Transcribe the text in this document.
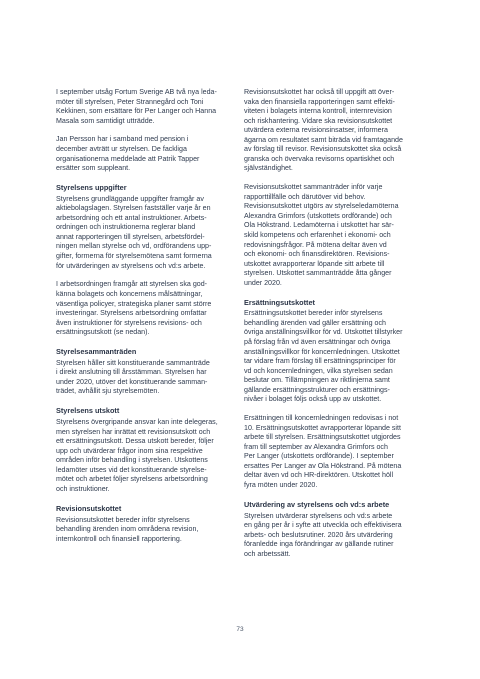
I september utsåg Fortum Sverige AB två nya leda-
möter till styrelsen, Peter Strannegård och Toni
Kekkinen, som ersättare för Per Langer och Hanna
Masala som samtidigt utträdde.

Jan Persson har i samband med pension i
december avträtt ur styrelsen. De fackliga
organisationerna meddelade att Patrik Tapper
ersätter som suppleant.

Styrelsens uppgifter

Styrelsens grundläggande uppgifter framgår av
aktiebolagslagen. Styrelsen fastställer varje år en
arbetsordning och ett antal instruktioner. Arbets-
ordningen och instruktionerna reglerar bland
annat rapporteringen till styrelsen, arbetsfördel-
ningen mellan styrelse och vd, ordförandens upp-
gifter, formerna för styrelsemötena samt formerna
för utvärderingen av styrelsens och vd:s arbete.

I arbetsordningen framgår att styrelsen ska god-
känna bolagets och koncernens målsättningar,
väsentliga policyer, strategiska planer samt större
investeringar. Styrelsens arbetsordning omfattar
ăven instruktioner för styrelsens revisions- och
ersättningsutskott (se nedan).

Styrelsesammanträden

Styrelsen håller sitt konstituerande sammanträde
i direkt anslutning till årsstämman. Styrelsen har
under 2020, utöver det konstituerande samman-
trädet, avhållit sju styrelsemöten.

Styrelsens utskott

Styrelsens övergripande ansvar kan inte delegeras,
men styrelsen har inrättat ett revisionsutskott och
ett ersättningsutskott. Dessa utskott bereder, följer
upp och utvärderar frågor inom sina respektive
områden inför behandling i styrelsen. Utskottens
ledamöter utses vid det konstituerande styrelse-
mötet och arbetet följer styrelsens arbetsordning
och instruktioner.

Revisionsutskottet

Revisionsutskottet bereder inför styrelsens
behandling ärenden inom områdena revision,
internkontroll och finansiell rapportering.

Revisionsutskottet har också till uppgift att över-
vaka den finansiella rapporteringen samt effekti-
viteten i bolagets interna kontroll, internrevision
och riskhantering. Vidare ska revisionsutskottet
utvärdera externa revisionsinsatser, informera
ägarna om resultatet samt biträda vid framtagande
av förslag till revisor. Revisionsutskottet ska också
granska och övervaka revisorns opartiskhet och
självständighet.

Revisionsutskottet sammanträder inför varje
rapporttillfälle och därutöver vid behov.
Revisionsutskottet utgörs av styrelseledamöterna
Alexandra Grimfors (utskottets ordförande) och
Ola Hökstrand. Ledamöterna i utskottet har sär-
skild kompetens och erfarenhet i ekonomi- och
redovisningsfrågor. På mötena deltar även vd
och ekonomi- och finansdirektören. Revisions-
utskottet avrapporterar löpande sitt arbete till
styrelsen. Utskottet sammanträdde åtta gånger
under 2020.

Ersättningsutskottet

Ersättningsutskottet bereder inför styrelsens
behandling ärenden vad gäller ersättning och
övriga anställningsvillkor för vd. Utskottet tillstyrker
på förslag från vd även ersättningar och övriga
anställningsvillkor för koncernledningen. Utskottet
tar vidare fram förslag till ersättningsprinciper för
vd och koncernledningen, vilka styrelsen sedan
beslutar om. Tillämpningen av riktlinjerna samt
gällande ersättningsstrukturer och ersättnings-
nivåer i bolaget följs också upp av utskottet.

Ersättningen till koncernledningen redovisas i not
10. Ersättningsutskottet avrapporterar löpande sitt
arbete till styrelsen. Ersättningsutskottet utgjordes
fram till september av Alexandra Grimfors och
Per Langer (utskottets ordförande). I september
ersattes Per Langer av Ola Hökstrand. På mötena
deltar även vd och HR-direktören. Utskottet höll
fyra möten under 2020.

Utvärdering av styrelsens och vd:s arbete

Styrelsen utvärderar styrelsens och vd:s arbete
en gång per år i syfte att utveckla och effektivisera
arbets- och beslutsrutiner. 2020 års utvärdering
föranledde inga förändringar av gällande rutiner
och arbetssätt.

73
